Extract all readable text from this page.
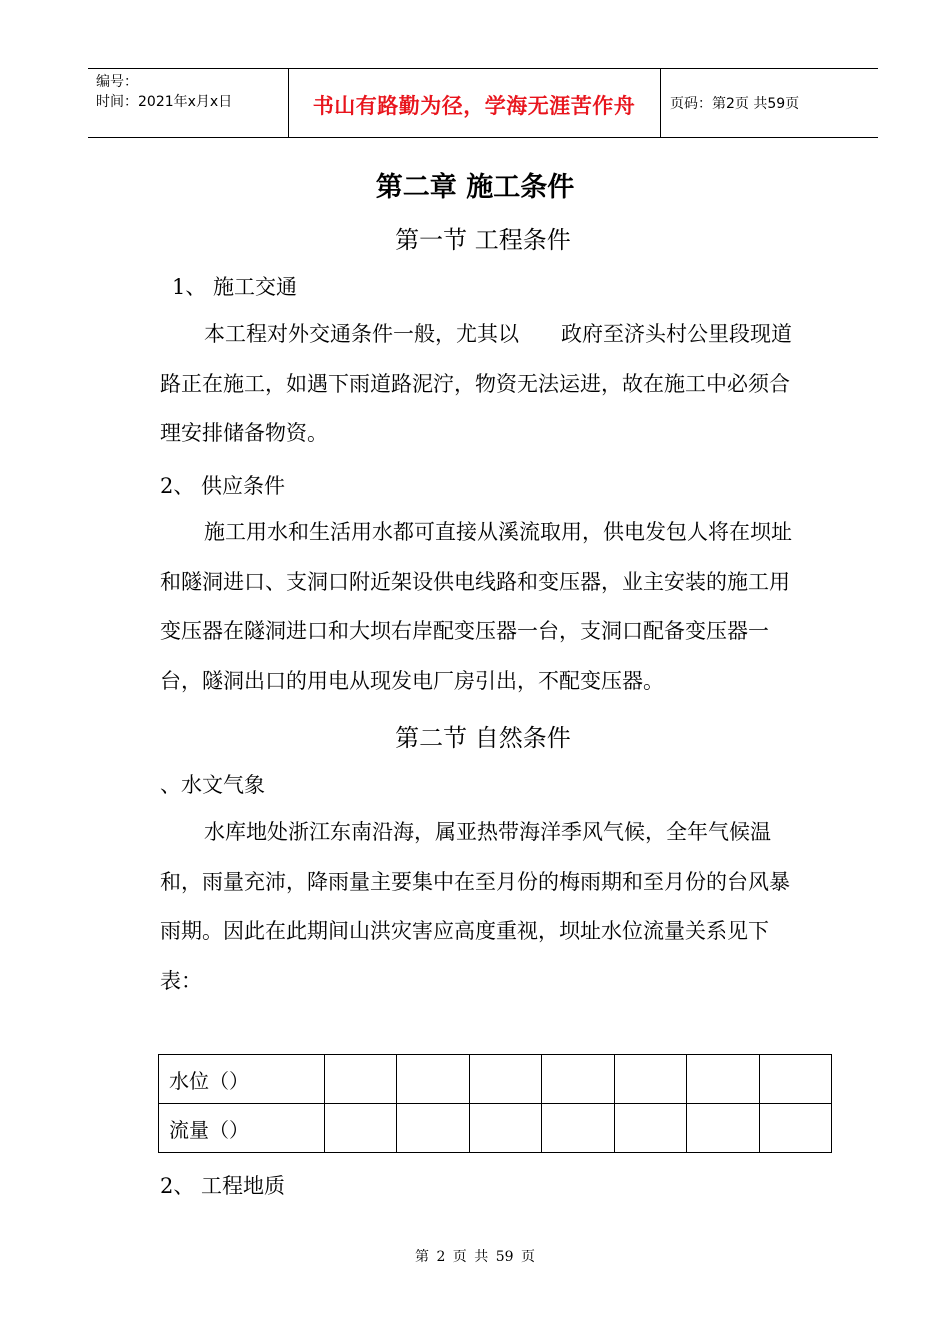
编号：
时间：2021年x月x日	书山有路勤为径，学海无涯苦作舟	页码：第2页 共59页
第二章 施工条件
第一节 工程条件
1、 施工交通
本工程对外交通条件一般，尤其以　　政府至济头村公里段现道路正在施工，如遇下雨道路泥泞，物资无法运进，故在施工中必须合理安排储备物资。
2、 供应条件
施工用水和生活用水都可直接从溪流取用，供电发包人将在坝址和隧洞进口、支洞口附近架设供电线路和变压器，业主安装的施工用变压器在隧洞进口和大坝右岸配变压器一台，支洞口配备变压器一台，隧洞出口的用电从现发电厂房引出，不配变压器。
第二节 自然条件
、水文气象
水库地处浙江东南沿海，属亚热带海洋季风气候，全年气候温和，雨量充沛，降雨量主要集中在至月份的梅雨期和至月份的台风暴雨期。因此在此期间山洪灾害应高度重视，坝址水位流量关系见下表：
水位（）							
流量（）							
2、 工程地质
第 2 页 共 59 页
